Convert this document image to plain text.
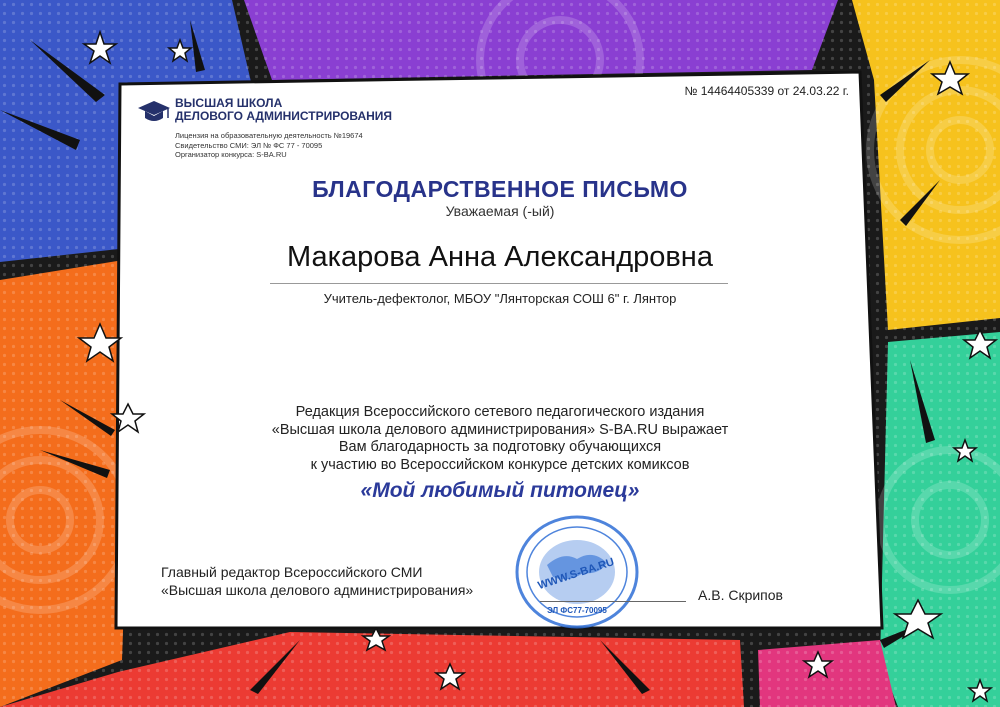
ВЫСШАЯ ШКОЛА
ДЕЛОВОГО АДМИНИСТРИРОВАНИЯ
Лицензия на образовательную деятельность №19674
Свидетельство СМИ: ЭЛ № ФС 77 - 70095
Организатор конкурса: S-BA.RU
№ 14464405339 от 24.03.22 г.
БЛАГОДАРСТВЕННОЕ ПИСЬМО
Уважаемая (-ый)
Макарова Анна Александровна
Учитель-дефектолог, МБОУ "Лянторская СОШ 6" г. Лянтор
Редакция Всероссийского сетевого педагогического издания
«Высшая школа делового администрирования» S-BA.RU выражает
Вам благодарность за подготовку обучающихся
к участию во Всероссийском конкурсе детских комиксов
«Мой любимый питомец»
Главный редактор Всероссийского СМИ
«Высшая школа делового администрирования»	WWW.S-BA.RU
ЭЛ ФС77-70095
А.В. Скрипов
